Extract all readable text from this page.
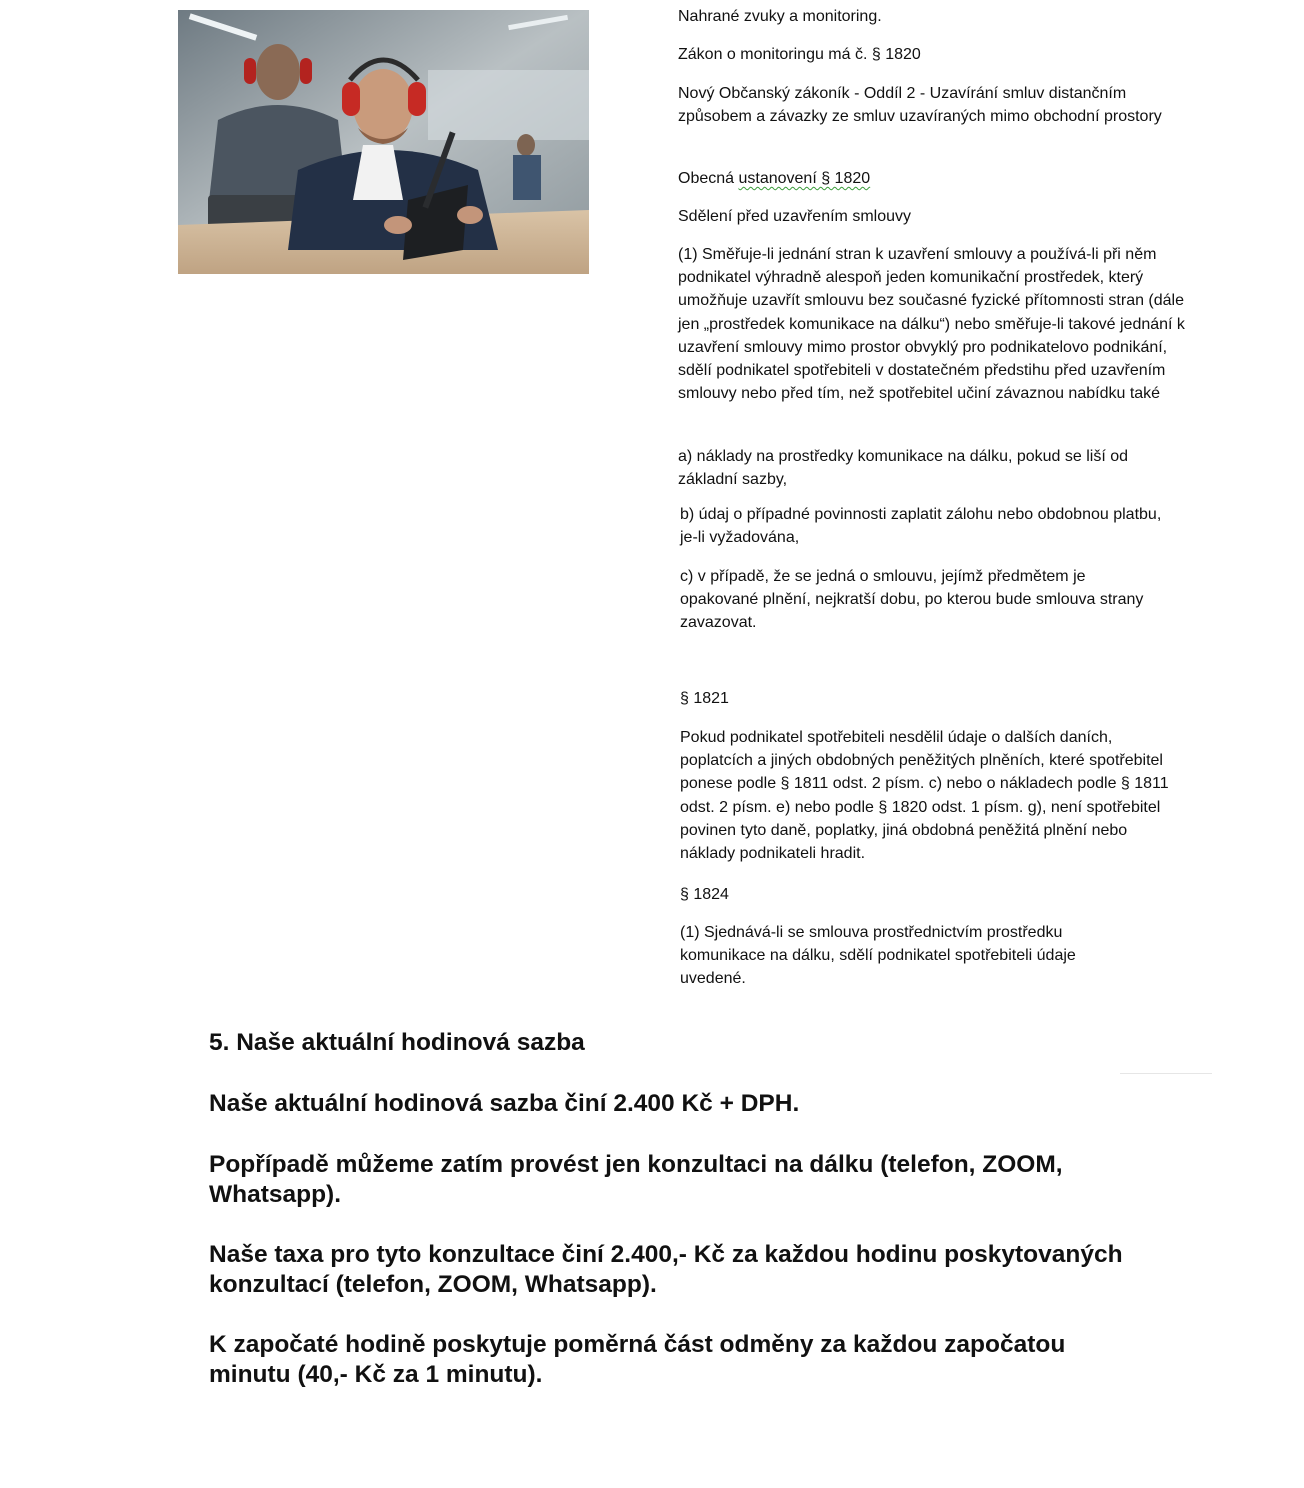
Nahrané zvuky a monitoring.

Zákon o monitoringu má č. § 1820

Nový Občanský zákoník - Oddíl 2 - Uzavírání smluv distančním způsobem a závazky ze smluv uzavíraných mimo obchodní prostory

Obecná ustanovení § 1820

Sdělení před uzavřením smlouvy

(1) Směřuje-li jednání stran k uzavření smlouvy a používá-li při něm podnikatel výhradně alespoň jeden komunikační prostředek, který umožňuje uzavřít smlouvu bez současné fyzické přítomnosti stran (dále jen „prostředek komunikace na dálku“) nebo směřuje-li takové jednání k uzavření smlouvy mimo prostor obvyklý pro podnikatelovo podnikání, sdělí podnikatel spotřebiteli v dostatečném předstihu před uzavřením smlouvy nebo před tím, než spotřebitel učiní závaznou nabídku také

a) náklady na prostředky komunikace na dálku, pokud se liší od základní sazby,

b) údaj o případné povinnosti zaplatit zálohu nebo obdobnou platbu, je-li vyžadována,

c) v případě, že se jedná o smlouvu, jejímž předmětem je opakované plnění, nejkratší dobu, po kterou bude smlouva strany zavazovat.

§ 1821

Pokud podnikatel spotřebiteli nesdělil údaje o dalších daních, poplatcích a jiných obdobných peněžitých plněních, které spotřebitel ponese podle § 1811 odst. 2 písm. c) nebo o nákladech podle § 1811 odst. 2 písm. e) nebo podle § 1820 odst. 1 písm. g), není spotřebitel povinen tyto daně, poplatky, jiná obdobná peněžitá plnění nebo náklady podnikateli hradit.

§ 1824

(1) Sjednává-li se smlouva prostřednictvím prostředku komunikace na dálku, sdělí podnikatel spotřebiteli údaje uvedené.

5. Naše aktuální hodinová sazba

Naše aktuální hodinová sazba činí 2.400 Kč + DPH.

Popřípadě můžeme zatím provést jen konzultaci na dálku (telefon, ZOOM, Whatsapp).

Naše taxa pro tyto konzultace činí 2.400,- Kč za každou hodinu poskytovaných konzultací (telefon, ZOOM, Whatsapp).

K započaté hodině poskytuje poměrná část odměny za každou započatou minutu (40,- Kč za 1 minutu).
